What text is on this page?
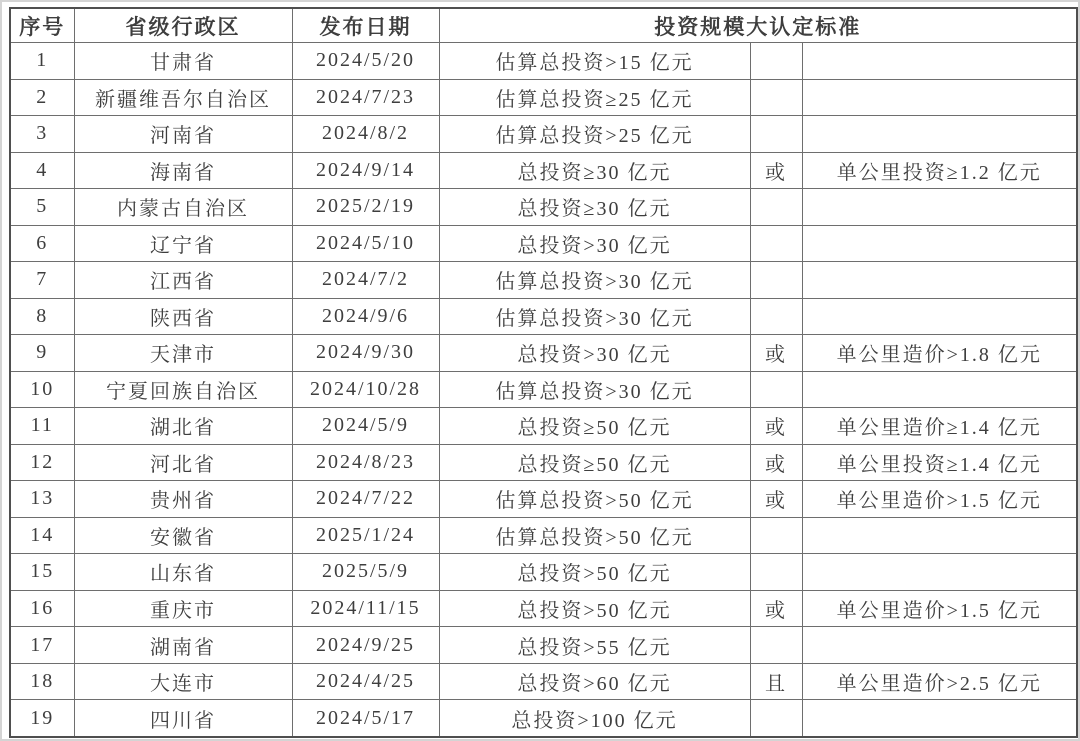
序号	省级行政区	发布日期	投资规模大认定标准		
1	甘肃省	2024/5/20	估算总投资>15 亿元		
2	新疆维吾尔自治区	2024/7/23	估算总投资≥25 亿元		
3	河南省	2024/8/2	估算总投资>25 亿元		
4	海南省	2024/9/14	总投资≥30 亿元	或	单公里投资≥1.2 亿元
5	内蒙古自治区	2025/2/19	总投资≥30 亿元		
6	辽宁省	2024/5/10	总投资>30 亿元		
7	江西省	2024/7/2	估算总投资>30 亿元		
8	陕西省	2024/9/6	估算总投资>30 亿元		
9	天津市	2024/9/30	总投资>30 亿元	或	单公里造价>1.8 亿元
10	宁夏回族自治区	2024/10/28	估算总投资>30 亿元		
11	湖北省	2024/5/9	总投资≥50 亿元	或	单公里造价≥1.4 亿元
12	河北省	2024/8/23	总投资≥50 亿元	或	单公里投资≥1.4 亿元
13	贵州省	2024/7/22	估算总投资>50 亿元	或	单公里造价>1.5 亿元
14	安徽省	2025/1/24	估算总投资>50 亿元		
15	山东省	2025/5/9	总投资>50 亿元		
16	重庆市	2024/11/15	总投资>50 亿元	或	单公里造价>1.5 亿元
17	湖南省	2024/9/25	总投资>55 亿元		
18	大连市	2024/4/25	总投资>60 亿元	且	单公里造价>2.5 亿元
19	四川省	2024/5/17	总投资>100 亿元		
